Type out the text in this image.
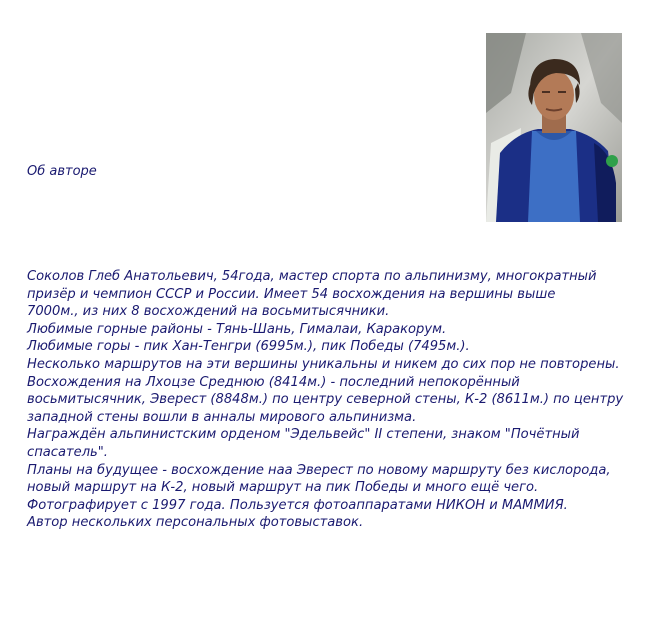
Об авторе
Соколов Глеб Анатольевич, 54года, мастер спорта по альпинизму, многократный
призёр и чемпион СССР и России. Имеет 54 восхождения на вершины выше
7000м., из них 8 восхождений на восьмитысячники.
Любимые горные районы - Тянь-Шань, Гималаи, Каракорум.
Любимые горы - пик Хан-Тенгри (6995м.), пик Победы (7495м.).
Несколько маршрутов на эти вершины уникальны и никем до сих пор не повторены.
Восхождения на Лхоцзе Среднюю (8414м.) - последний непокорённый
восьмитысячник, Эверест (8848м.) по центру северной стены, К-2 (8611м.) по центру
западной стены вошли в анналы мирового альпинизма.
Награждён альпинистским орденом "Эдельвейс" II степени, знаком "Почётный
спасатель".
Планы на будущее - восхождение наа Эверест по новому маршруту без кислорода,
новый маршрут на К-2, новый маршрут на пик Победы и много ещё чего.
Фотографирует с 1997 года. Пользуется фотоаппаратами НИКОН и МАММИЯ.
Автор нескольких персональных фотовыставок.
